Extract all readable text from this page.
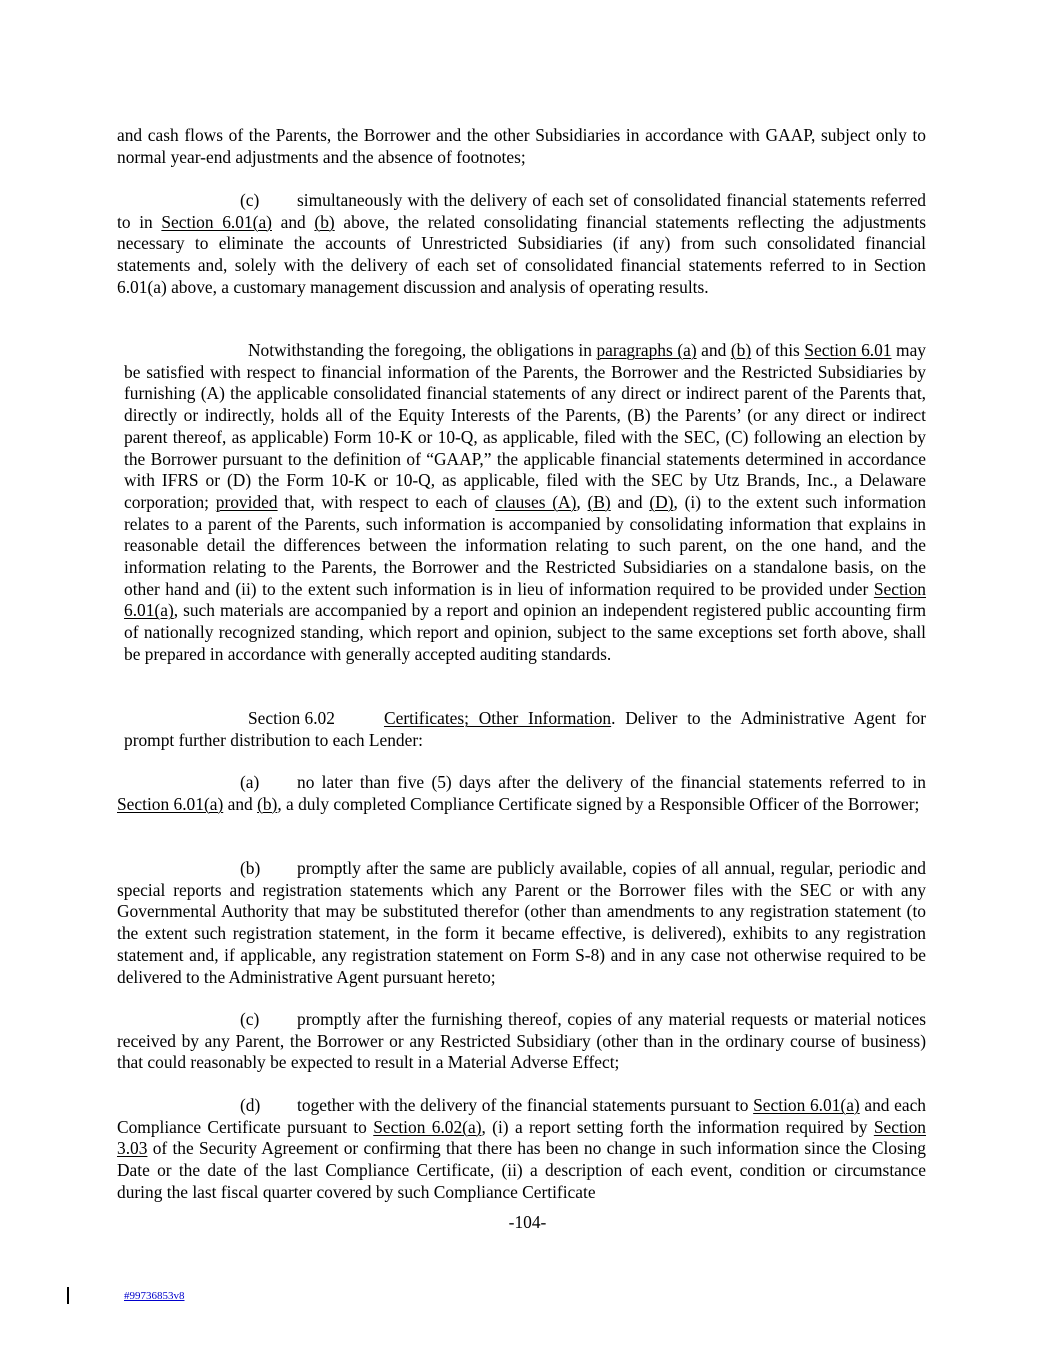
and cash flows of the Parents, the Borrower and the other Subsidiaries in accordance with GAAP, subject only to normal year-end adjustments and the absence of footnotes;

(c) simultaneously with the delivery of each set of consolidated financial statements referred to in Section 6.01(a) and (b) above, the related consolidating financial statements reflecting the adjustments necessary to eliminate the accounts of Unrestricted Subsidiaries (if any) from such consolidated financial statements and, solely with the delivery of each set of consolidated financial statements referred to in Section 6.01(a) above, a customary management discussion and analysis of operating results.

Notwithstanding the foregoing, the obligations in paragraphs (a) and (b) of this Section 6.01 may be satisfied with respect to financial information of the Parents, the Borrower and the Restricted Subsidiaries by furnishing (A) the applicable consolidated financial statements of any direct or indirect parent of the Parents that, directly or indirectly, holds all of the Equity Interests of the Parents, (B) the Parents’ (or any direct or indirect parent thereof, as applicable) Form 10-K or 10-Q, as applicable, filed with the SEC, (C) following an election by the Borrower pursuant to the definition of “GAAP,” the applicable financial statements determined in accordance with IFRS or (D) the Form 10-K or 10-Q, as applicable, filed with the SEC by Utz Brands, Inc., a Delaware corporation; provided that, with respect to each of clauses (A), (B) and (D), (i) to the extent such information relates to a parent of the Parents, such information is accompanied by consolidating information that explains in reasonable detail the differences between the information relating to such parent, on the one hand, and the information relating to the Parents, the Borrower and the Restricted Subsidiaries on a standalone basis, on the other hand and (ii) to the extent such information is in lieu of information required to be provided under Section 6.01(a), such materials are accompanied by a report and opinion an independent registered public accounting firm of nationally recognized standing, which report and opinion, subject to the same exceptions set forth above, shall be prepared in accordance with generally accepted auditing standards.

Section 6.02	Certificates; Other Information. Deliver to the Administrative Agent for prompt further distribution to each Lender:

(a) no later than five (5) days after the delivery of the financial statements referred to in Section 6.01(a) and (b), a duly completed Compliance Certificate signed by a Responsible Officer of the Borrower;

(b) promptly after the same are publicly available, copies of all annual, regular, periodic and special reports and registration statements which any Parent or the Borrower files with the SEC or with any Governmental Authority that may be substituted therefor (other than amendments to any registration statement (to the extent such registration statement, in the form it became effective, is delivered), exhibits to any registration statement and, if applicable, any registration statement on Form S-8) and in any case not otherwise required to be delivered to the Administrative Agent pursuant hereto;

(c) promptly after the furnishing thereof, copies of any material requests or material notices received by any Parent, the Borrower or any Restricted Subsidiary (other than in the ordinary course of business) that could reasonably be expected to result in a Material Adverse Effect;

(d) together with the delivery of the financial statements pursuant to Section 6.01(a) and each Compliance Certificate pursuant to Section 6.02(a), (i) a report setting forth the information required by Section 3.03 of the Security Agreement or confirming that there has been no change in such information since the Closing Date or the date of the last Compliance Certificate, (ii) a description of each event, condition or circumstance during the last fiscal quarter covered by such Compliance Certificate

-104-
#99736853v8
